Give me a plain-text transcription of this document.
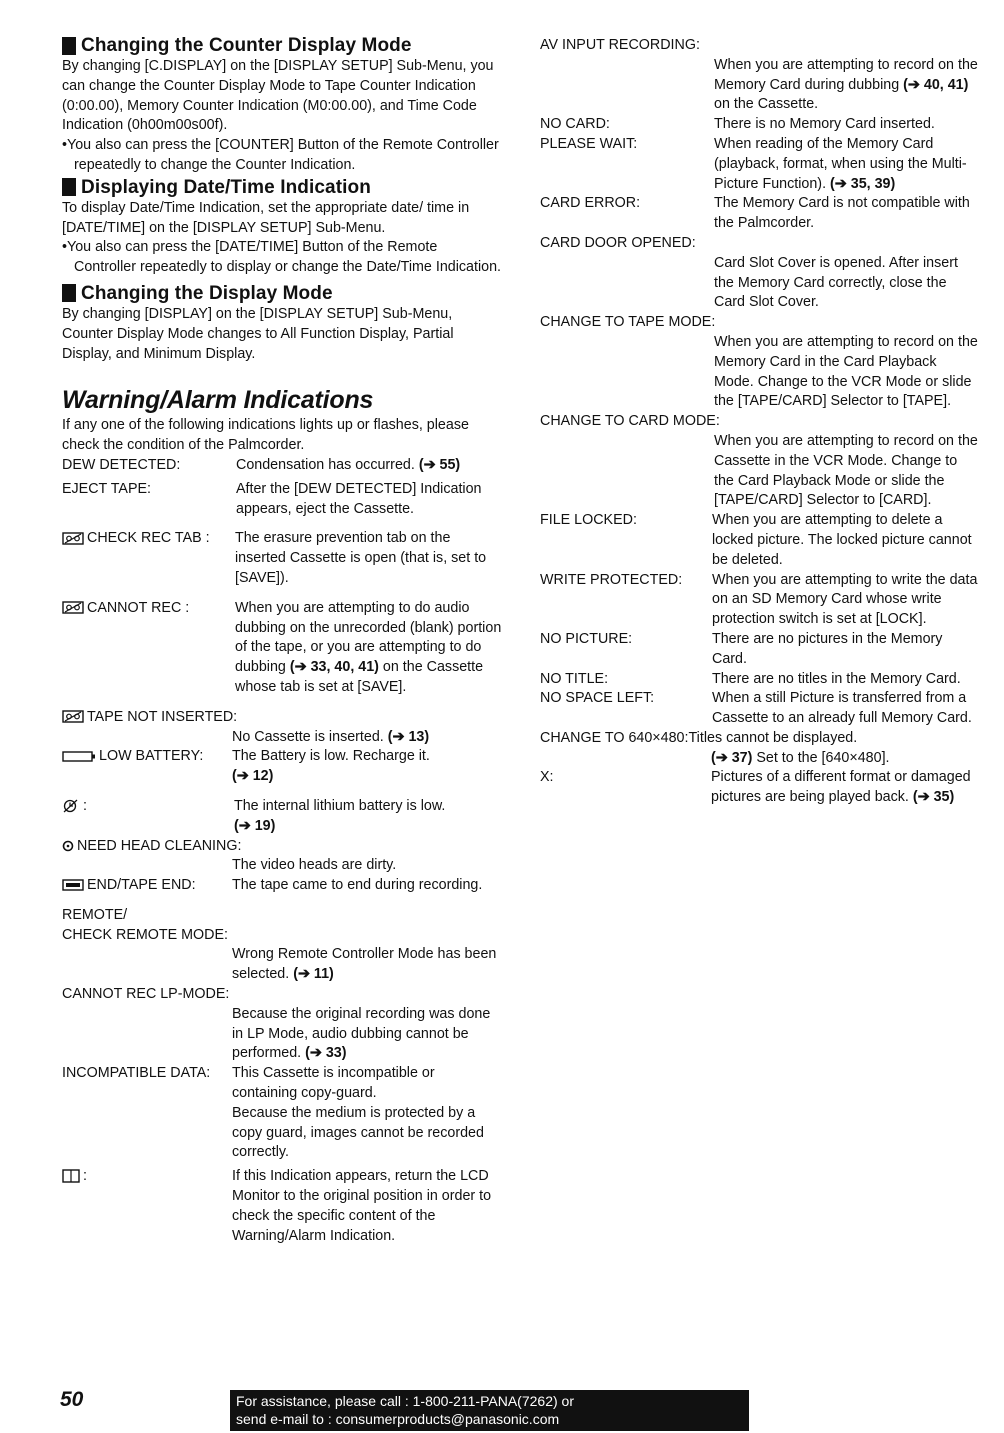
Changing the Counter Display Mode

By changing [C.DISPLAY] on the [DISPLAY SETUP] Sub-Menu, you can change the Counter Display Mode to Tape Counter Indication (0:00.00), Memory Counter Indication (M0:00.00), and Time Code Indication (0h00m00s00f).

•You also can press the [COUNTER] Button of the Remote Controller repeatedly to change the Counter Indication.

Displaying Date/Time Indication

To display Date/Time Indication, set the appropriate date/ time in [DATE/TIME] on the [DISPLAY SETUP] Sub-Menu.

•You also can press the [DATE/TIME] Button of the Remote Controller repeatedly to display or change the Date/Time Indication.

Changing the Display Mode

By changing [DISPLAY] on the [DISPLAY SETUP] Sub-Menu, Counter Display Mode changes to All Function Display, Partial Display, and Minimum Display.

Warning/Alarm Indications

If any one of the following indications lights up or flashes, please check the condition of the Palmcorder.

DEW DETECTED:	Condensation has occurred. (➔ 55)
EJECT TAPE:	After the [DEW DETECTED] Indication appears, eject the Cassette.
CHECK REC TAB :	The erasure prevention tab on the inserted Cassette is open (that is, set to [SAVE]).
CANNOT REC :	When you are attempting to do audio dubbing on the unrecorded (blank) portion of the tape, or you are attempting to do dubbing (➔ 33, 40, 41) on the Cassette whose tab is set at [SAVE].
TAPE NOT INSERTED:
No Cassette is inserted. (➔ 13)
LOW BATTERY:	The Battery is low. Recharge it.
(➔ 12)
:	The internal lithium battery is low.
(➔ 19)
NEED HEAD CLEANING:
The video heads are dirty.
END/TAPE END:	The tape came to end during recording.
REMOTE/
CHECK REMOTE MODE:
Wrong Remote Controller Mode has been selected. (➔ 11)
CANNOT REC LP-MODE:
Because the original recording was done in LP Mode, audio dubbing cannot be performed. (➔ 33)
INCOMPATIBLE DATA:	This Cassette is incompatible or containing copy-guard.
Because the medium is protected by a copy guard, images cannot be recorded correctly.
:	If this Indication appears, return the LCD Monitor to the original position in order to check the specific content of the Warning/Alarm Indication.
AV INPUT RECORDING:
When you are attempting to record on the Memory Card during dubbing (➔ 40, 41) on the Cassette.
NO CARD:	There is no Memory Card inserted.
PLEASE WAIT:	When reading of the Memory Card (playback, format, when using the Multi-Picture Function). (➔ 35, 39)
CARD ERROR:	The Memory Card is not compatible with the Palmcorder.
CARD DOOR OPENED:
Card Slot Cover is opened. After insert the Memory Card correctly, close the Card Slot Cover.
CHANGE TO TAPE MODE:
When you are attempting to record on the Memory Card in the Card Playback Mode. Change to the VCR Mode or slide the [TAPE/CARD] Selector to [TAPE].
CHANGE TO CARD MODE:
When you are attempting to record on the Cassette in the VCR Mode. Change to the Card Playback Mode or slide the [TAPE/CARD] Selector to [CARD].
FILE LOCKED:	When you are attempting to delete a locked picture. The locked picture cannot be deleted.
WRITE PROTECTED:	When you are attempting to write the data on an SD Memory Card whose write protection switch is set at [LOCK].
NO PICTURE:	There are no pictures in the Memory Card.
NO TITLE:	There are no titles in the Memory Card.
NO SPACE LEFT:	When a still Picture is transferred from a Cassette to an already full Memory Card.
CHANGE TO 640×480: Titles cannot be displayed.
(➔ 37) Set to the [640×480].
X:	Pictures of a different format or damaged pictures are being played back. (➔ 35)
50	For assistance, please call : 1-800-211-PANA(7262) or
send e-mail to : consumerproducts@panasonic.com
